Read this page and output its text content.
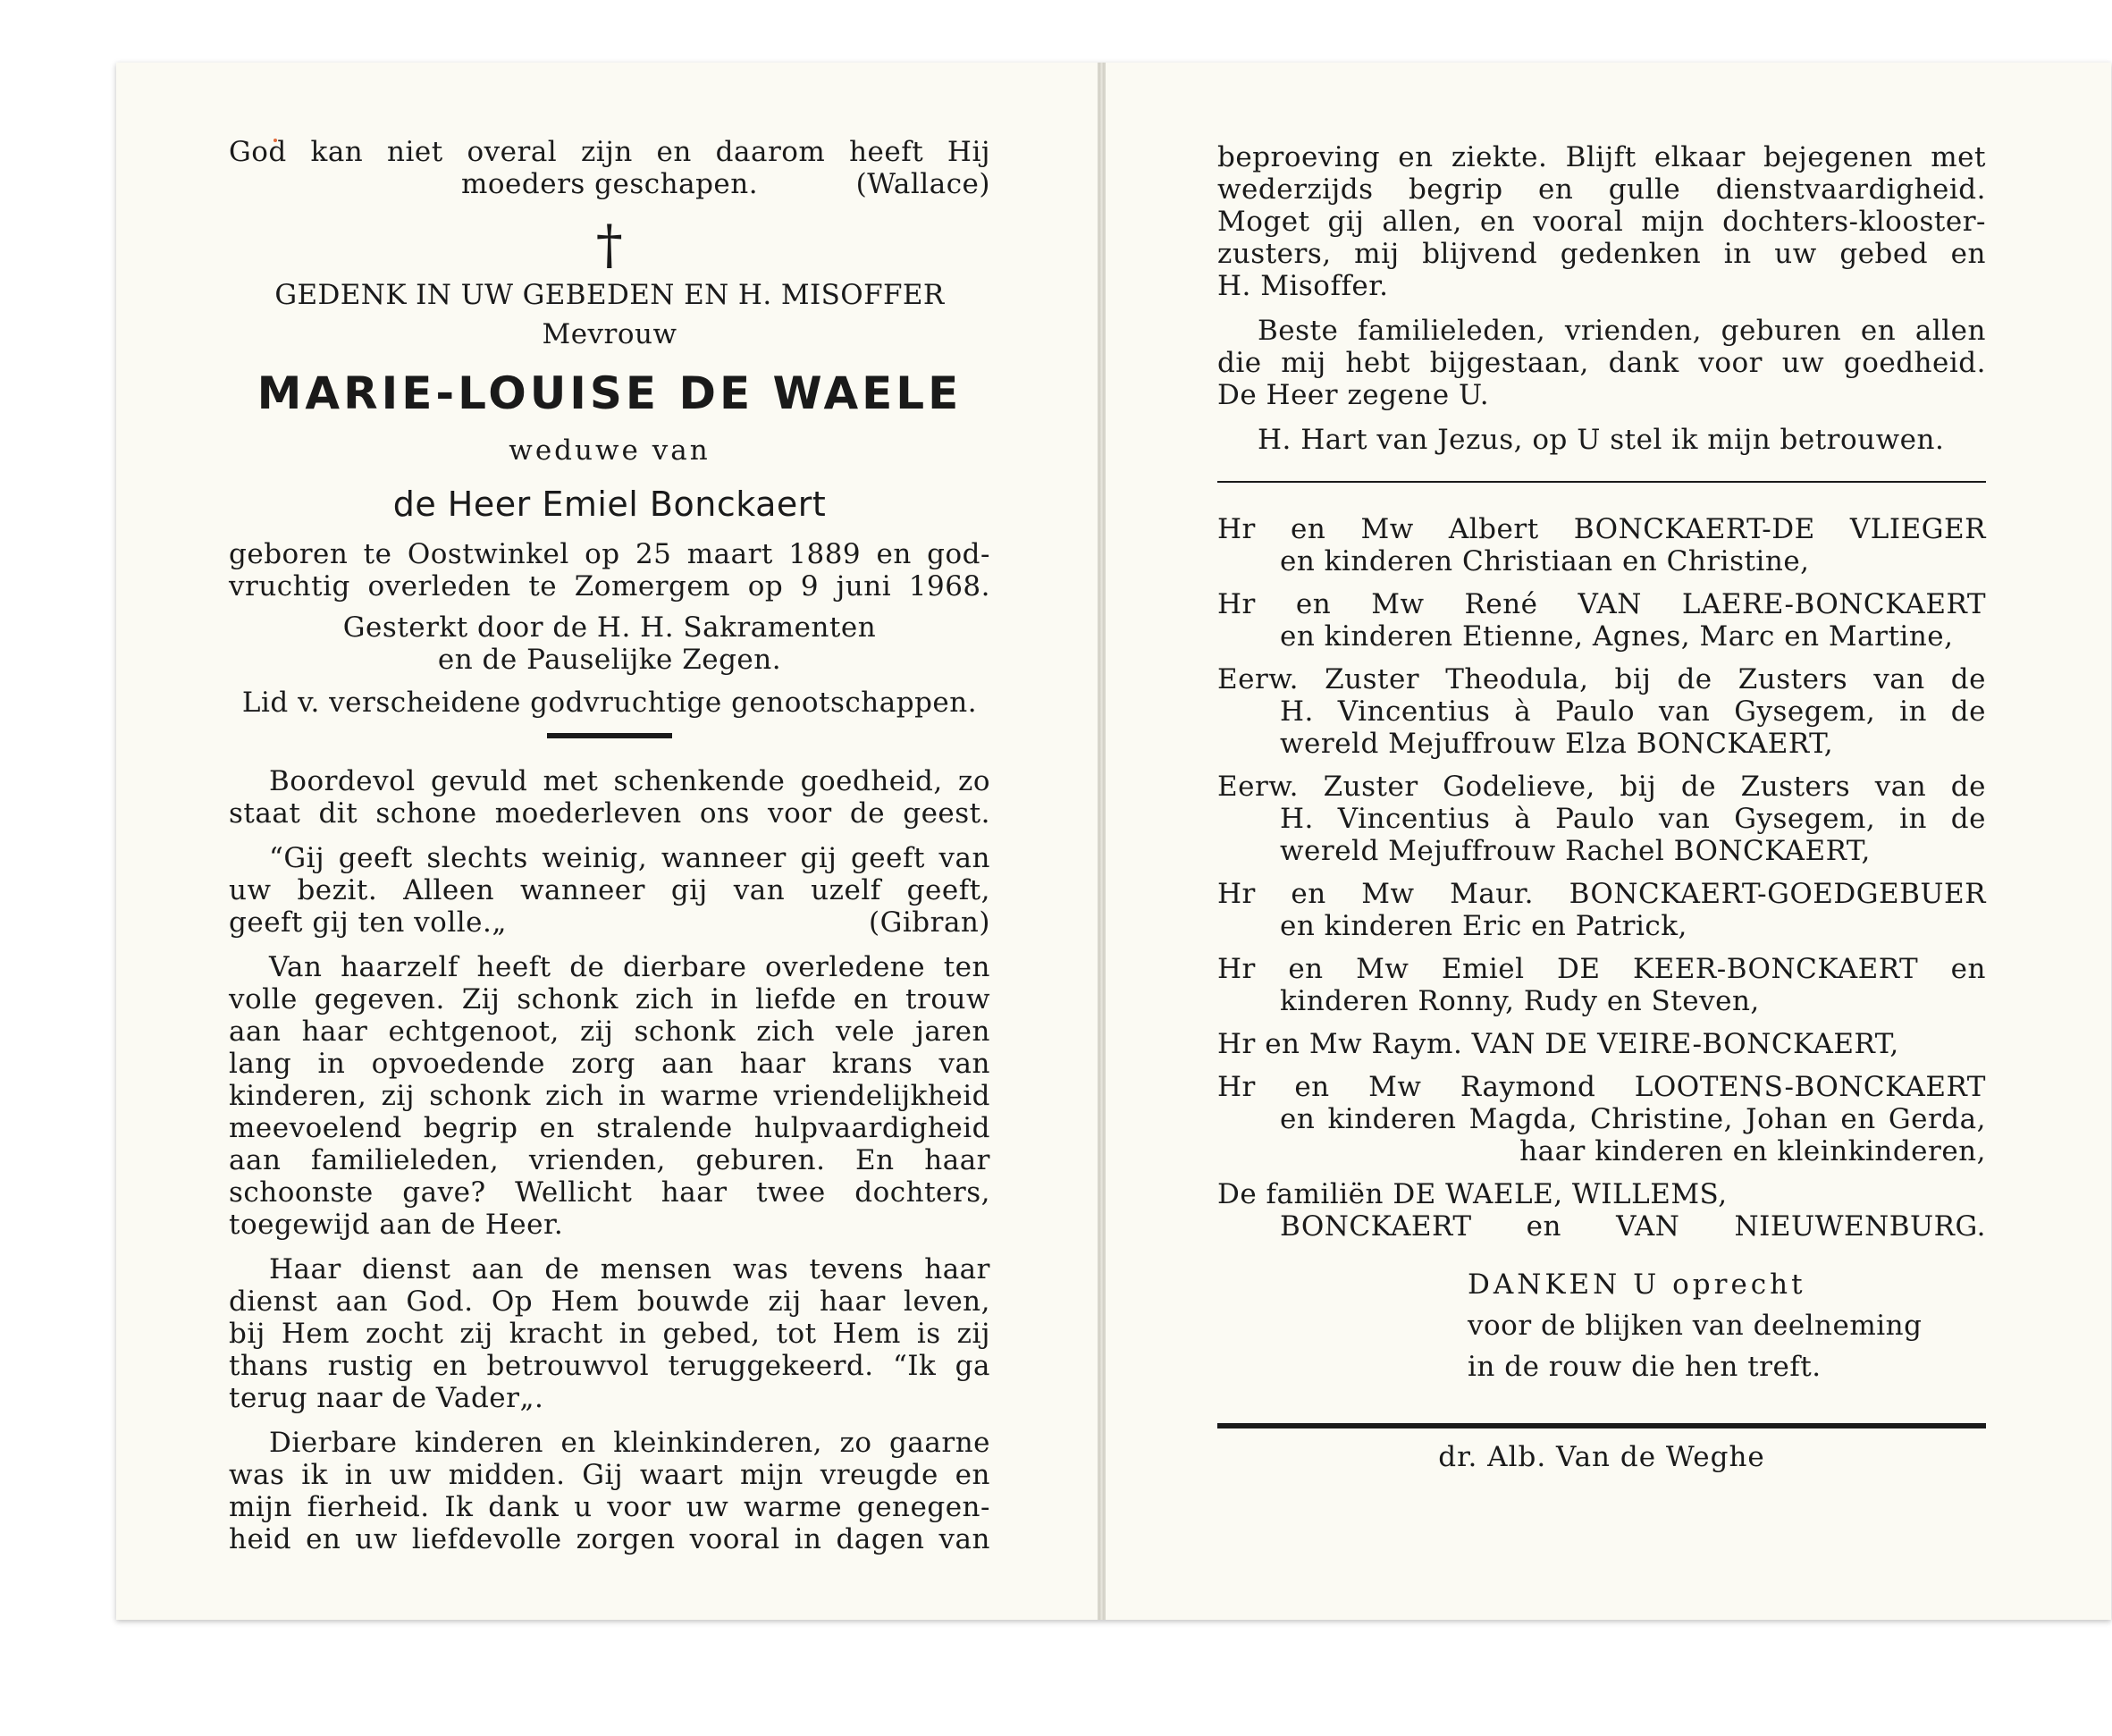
God kan niet overal zijn en daarom heeft Hij
moeders geschapen.	(Wallace)
†
GEDENK IN UW GEBEDEN EN H. MISOFFER
Mevrouw
MARIE-LOUISE DE WAELE
weduwe van
de Heer Emiel Bonckaert
geboren te Oostwinkel op 25 maart 1889 en god-
vruchtig overleden te Zomergem op 9 juni 1968.
Gesterkt door de H. H. Sakramenten
en de Pauselijke Zegen.
Lid v. verscheidene godvruchtige genootschappen.
Boordevol gevuld met schenkende goedheid, zo
staat dit schone moederleven ons voor de geest.
“Gij geeft slechts weinig, wanneer gij geeft van
uw bezit. Alleen wanneer gij van uzelf geeft,
geeft gij ten volle.„	(Gibran)
Van haarzelf heeft de dierbare overledene ten
volle gegeven. Zij schonk zich in liefde en trouw
aan haar echtgenoot, zij schonk zich vele jaren
lang in opvoedende zorg aan haar krans van
kinderen, zij schonk zich in warme vriendelijkheid
meevoelend begrip en stralende hulpvaardigheid
aan familieleden, vrienden, geburen. En haar
schoonste gave? Wellicht haar twee dochters,
toegewijd aan de Heer.
Haar dienst aan de mensen was tevens haar
dienst aan God. Op Hem bouwde zij haar leven,
bij Hem zocht zij kracht in gebed, tot Hem is zij
thans rustig en betrouwvol teruggekeerd. “Ik ga
terug naar de Vader„.
Dierbare kinderen en kleinkinderen, zo gaarne
was ik in uw midden. Gij waart mijn vreugde en
mijn fierheid. Ik dank u voor uw warme genegen-
heid en uw liefdevolle zorgen vooral in dagen van
beproeving en ziekte. Blijft elkaar bejegenen met
wederzijds begrip en gulle dienstvaardigheid.
Moget gij allen, en vooral mijn dochters-klooster-
zusters, mij blijvend gedenken in uw gebed en
H. Misoffer.
Beste familieleden, vrienden, geburen en allen
die mij hebt bijgestaan, dank voor uw goedheid.
De Heer zegene U.
H. Hart van Jezus, op U stel ik mijn betrouwen.
Hr en Mw Albert BONCKAERT-DE VLIEGER
en kinderen Christiaan en Christine,
Hr en Mw René VAN LAERE-BONCKAERT
en kinderen Etienne, Agnes, Marc en Martine,
Eerw. Zuster Theodula, bij de Zusters van de
H. Vincentius à Paulo van Gysegem, in de
wereld Mejuffrouw Elza BONCKAERT,
Eerw. Zuster Godelieve, bij de Zusters van de
H. Vincentius à Paulo van Gysegem, in de
wereld Mejuffrouw Rachel BONCKAERT,
Hr en Mw Maur. BONCKAERT-GOEDGEBUER
en kinderen Eric en Patrick,
Hr en Mw Emiel DE KEER-BONCKAERT en
kinderen Ronny, Rudy en Steven,
Hr en Mw Raym. VAN DE VEIRE-BONCKAERT,
Hr en Mw Raymond LOOTENS-BONCKAERT
en kinderen Magda, Christine, Johan en Gerda,
haar kinderen en kleinkinderen,
De familiën DE WAELE, WILLEMS,
BONCKAERT en VAN NIEUWENBURG.
DANKEN U oprecht
voor de blijken van deelneming
in de rouw die hen treft.
dr. Alb. Van de Weghe
